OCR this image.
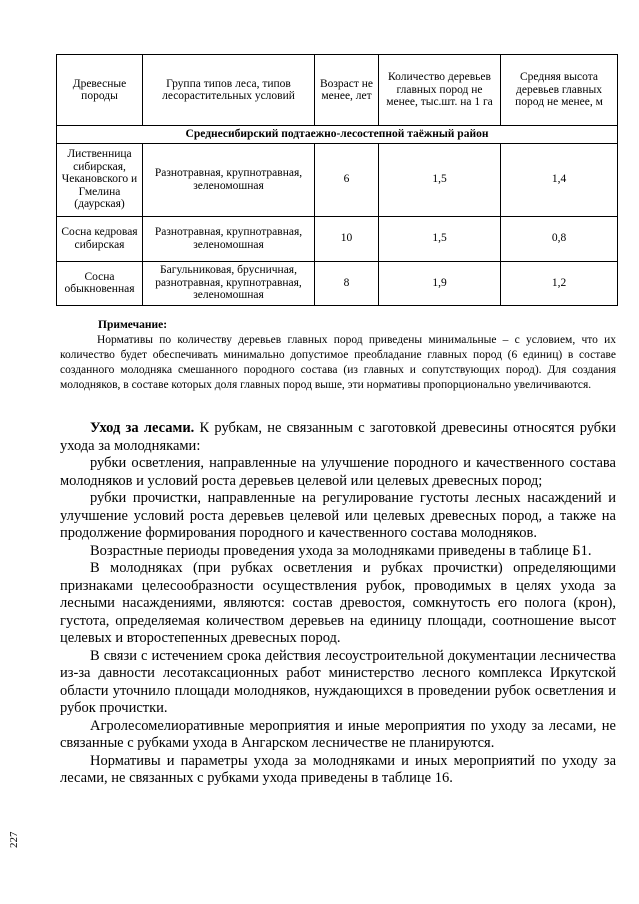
Древесные породы	Группа типов леса, типов лесорастительных условий	Возраст не менее, лет	Количество деревьев главных пород не менее, тыс.шт. на 1 га	Средняя высота деревьев главных пород не менее, м
Среднесибирский подтаежно-лесостепной таёжный район				
Лиственница сибирская, Чекановского и Гмелина (даурская)	Разнотравная, крупнотравная, зеленомошная	6	1,5	1,4
Сосна кедровая сибирская	Разнотравная, крупнотравная, зеленомошная	10	1,5	0,8
Сосна обыкновенная	Багульниковая, брусничная, разнотравная, крупнотравная, зеленомошная	8	1,9	1,2
Примечание:

Нормативы по количеству деревьев главных пород приведены минимальные – с условием, что их количество будет обеспечивать минимально допустимое преобладание главных пород (6 единиц) в составе созданного молодняка смешанного породного состава (из главных и сопутствующих пород). Для создания молодняков, в составе которых доля главных пород выше, эти нормативы пропорционально увеличиваются.

Уход за лесами. К рубкам, не связанным с заготовкой древесины относятся рубки ухода за молодняками:

рубки осветления, направленные на улучшение породного и качественного состава молодняков и условий роста деревьев целевой или целевых древесных пород;

рубки прочистки, направленные на регулирование густоты лесных насаждений и улучшение условий роста деревьев целевой или целевых древесных пород, а также на продолжение формирования породного и качественного состава молодняков.

Возрастные периоды проведения ухода за молодняками приведены в таблице Б1.

В молодняках (при рубках осветления и рубках прочистки) определяющими признаками целесообразности осуществления рубок, проводимых в целях ухода за лесными насаждениями, являются: состав древостоя, сомкнутость его полога (крон), густота, определяемая количеством деревьев на единицу площади, соотношение высот целевых и второстепенных древесных пород.

В связи с истечением срока действия лесоустроительной документации лесничества из-за давности лесотаксационных работ министерство лесного комплекса Иркутской области уточнило площади молодняков, нуждающихся в проведении рубок осветления и рубок прочистки.

Агролесомелиоративные мероприятия и иные мероприятия по уходу за лесами, не связанные с рубками ухода в Ангарском лесничестве не планируются.

Нормативы и параметры ухода за молодняками и иных мероприятий по уходу за лесами, не связанных с рубками ухода приведены в таблице 16.

227
